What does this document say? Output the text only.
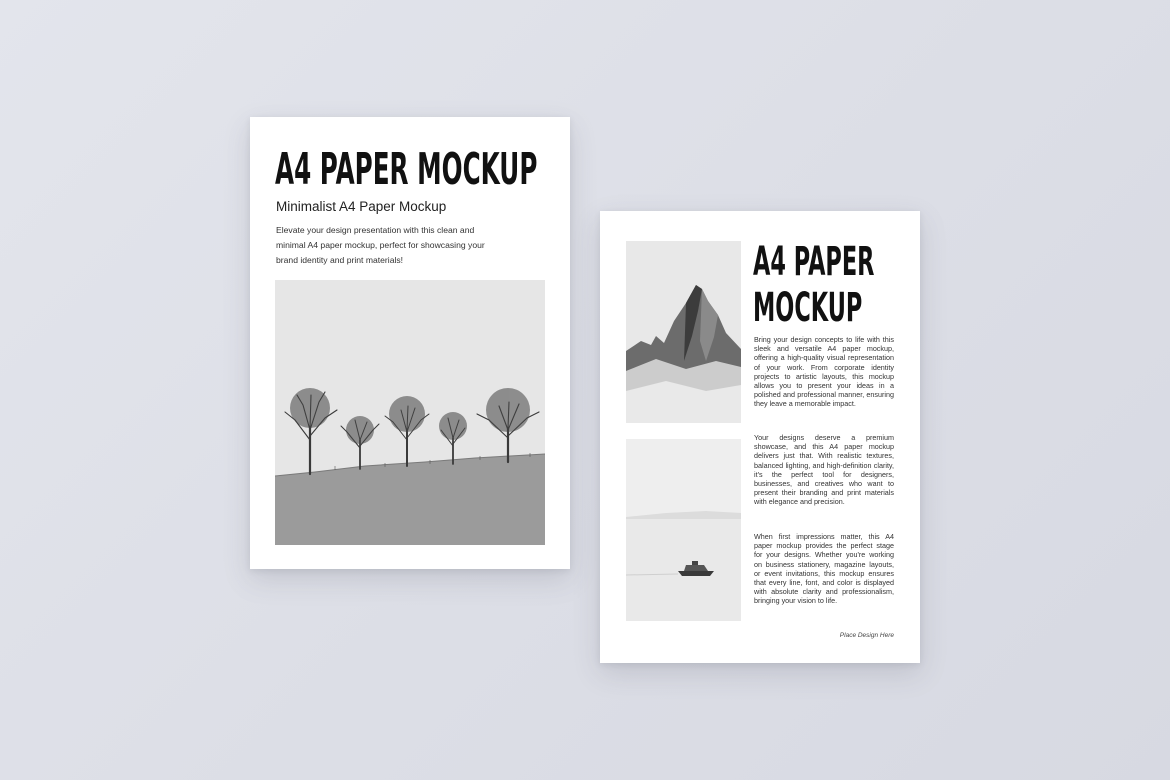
A4 PAPER MOCKUP
Minimalist A4 Paper Mockup
Elevate your design presentation with this clean and minimal A4 paper mockup, perfect for showcasing your brand identity and print materials!	A4 PAPER
MOCKUP
Bring your design concepts to life with this sleek and versatile A4 paper mockup, offering a high-quality visual representation of your work. From corporate identity projects to artistic layouts, this mockup allows you to present your ideas in a polished and professional manner, ensuring they leave a memorable impact.
Your designs deserve a premium showcase, and this A4 paper mockup delivers just that. With realistic textures, balanced lighting, and high-definition clarity, it's the perfect tool for designers, businesses, and creatives who want to present their branding and print materials with elegance and precision.
When first impressions matter, this A4 paper mockup provides the perfect stage for your designs. Whether you're working on business stationery, magazine layouts, or event invitations, this mockup ensures that every line, font, and color is displayed with absolute clarity and professionalism, bringing your vision to life.
Place Design Here
